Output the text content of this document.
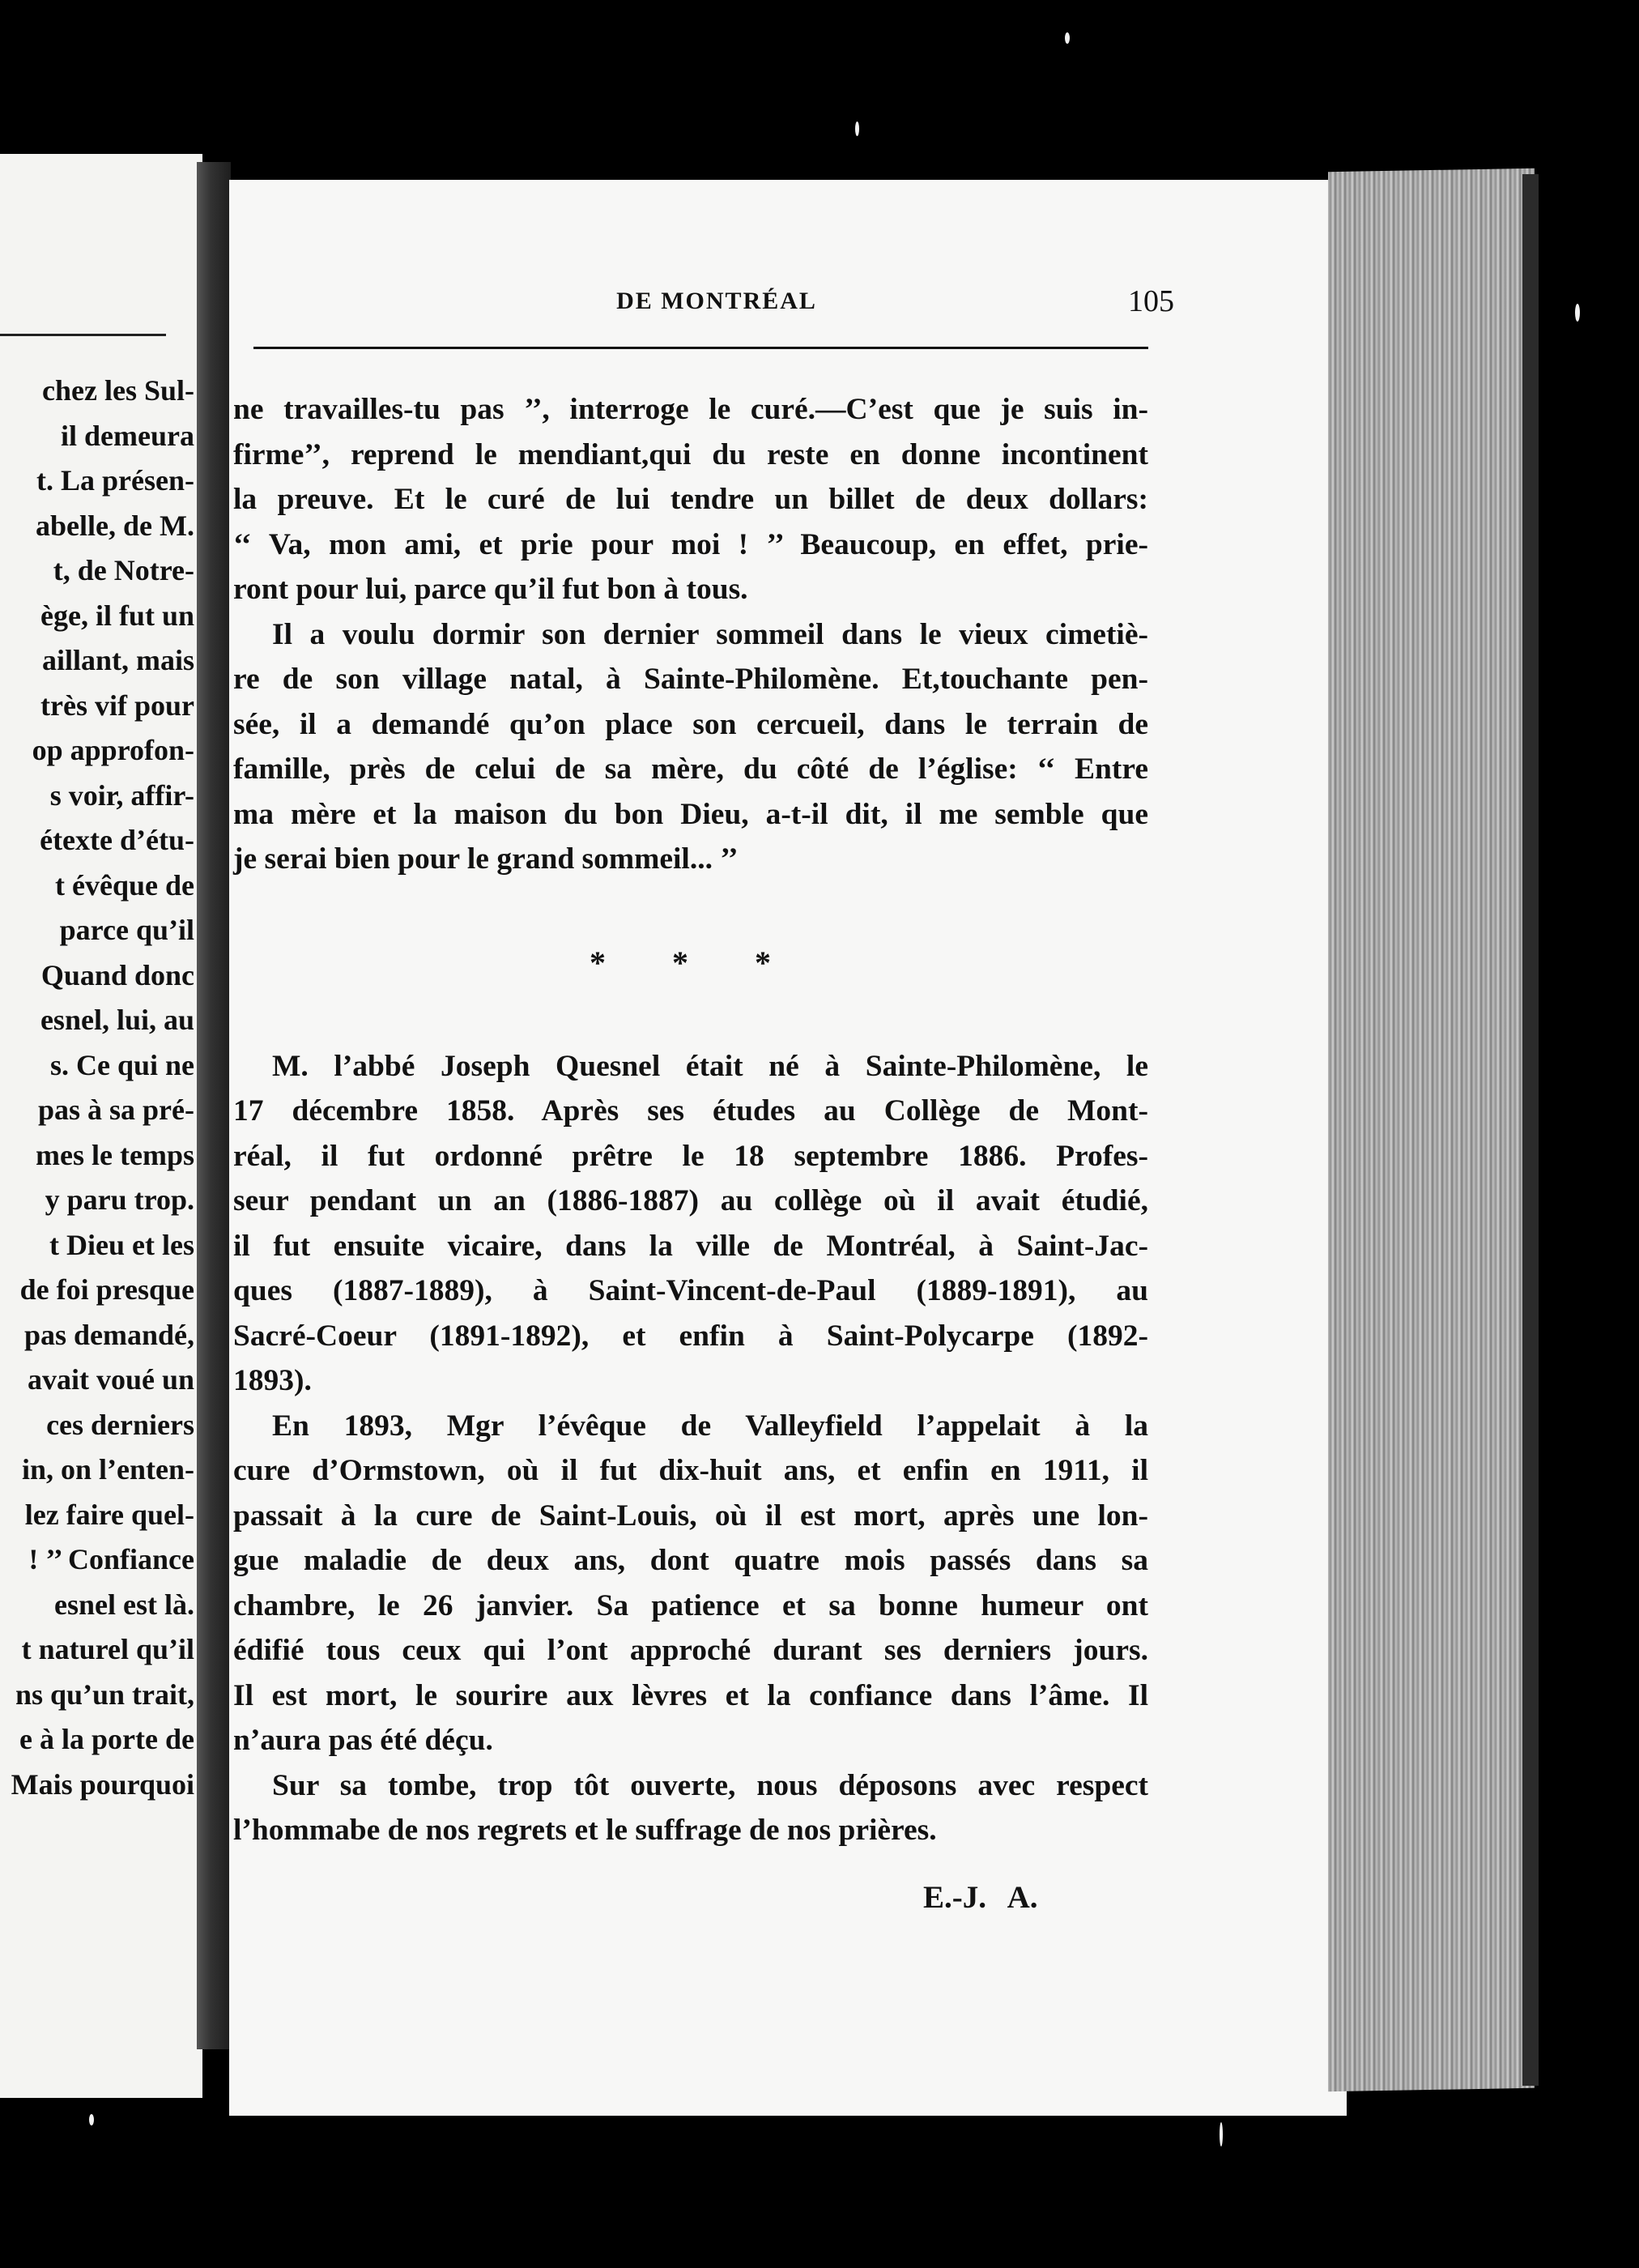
chez les Sul-
il demeura
t. La présen-
abelle, de M.
t, de Notre-
ège, il fut un
aillant, mais
très vif pour
op approfon-
s voir, affir-
étexte d’étu-
t évêque de
parce qu’il
Quand donc
esnel, lui, au
s. Ce qui ne
pas à sa pré-
mes le temps
y paru trop.
t Dieu et les
de foi presque
pas demandé,
avait voué un
ces derniers
in, on l’enten-
lez faire quel-
! ’’ Confiance
esnel est là.
t naturel qu’il
ns qu’un trait,
e à la porte de
Mais pourquoi
DE MONTRÉAL	105
ne travailles-tu pas ’’, interroge le curé.—C’est que je suis in-
firme’’, reprend le mendiant,qui du reste en donne incontinent
la preuve. Et le curé de lui tendre un billet de deux dollars:
‘‘ Va, mon ami, et prie pour moi ! ’’ Beaucoup, en effet, prie-
ront pour lui, parce qu’il fut bon à tous.
Il a voulu dormir son dernier sommeil dans le vieux cimetiè-
re de son village natal, à Sainte-Philomène. Et,touchante pen-
sée, il a demandé qu’on place son cercueil, dans le terrain de
famille, près de celui de sa mère, du côté de l’église: ‘‘ Entre
ma mère et la maison du bon Dieu, a-t-il dit, il me semble que
je serai bien pour le grand sommeil... ’’
* * *
M. l’abbé Joseph Quesnel était né à Sainte-Philomène, le
17 décembre 1858. Après ses études au Collège de Mont-
réal, il fut ordonné prêtre le 18 septembre 1886. Profes-
seur pendant un an (1886-1887) au collège où il avait étudié,
il fut ensuite vicaire, dans la ville de Montréal, à Saint-Jac-
ques (1887-1889), à Saint-Vincent-de-Paul (1889-1891), au
Sacré-Coeur (1891-1892), et enfin à Saint-Polycarpe (1892-
1893).
En 1893, Mgr l’évêque de Valleyfield l’appelait à la
cure d’Ormstown, où il fut dix-huit ans, et enfin en 1911, il
passait à la cure de Saint-Louis, où il est mort, après une lon-
gue maladie de deux ans, dont quatre mois passés dans sa
chambre, le 26 janvier. Sa patience et sa bonne humeur ont
édifié tous ceux qui l’ont approché durant ses derniers jours.
Il est mort, le sourire aux lèvres et la confiance dans l’âme. Il
n’aura pas été déçu.
Sur sa tombe, trop tôt ouverte, nous déposons avec respect
l’hommabe de nos regrets et le suffrage de nos prières.
E.-J. A.
